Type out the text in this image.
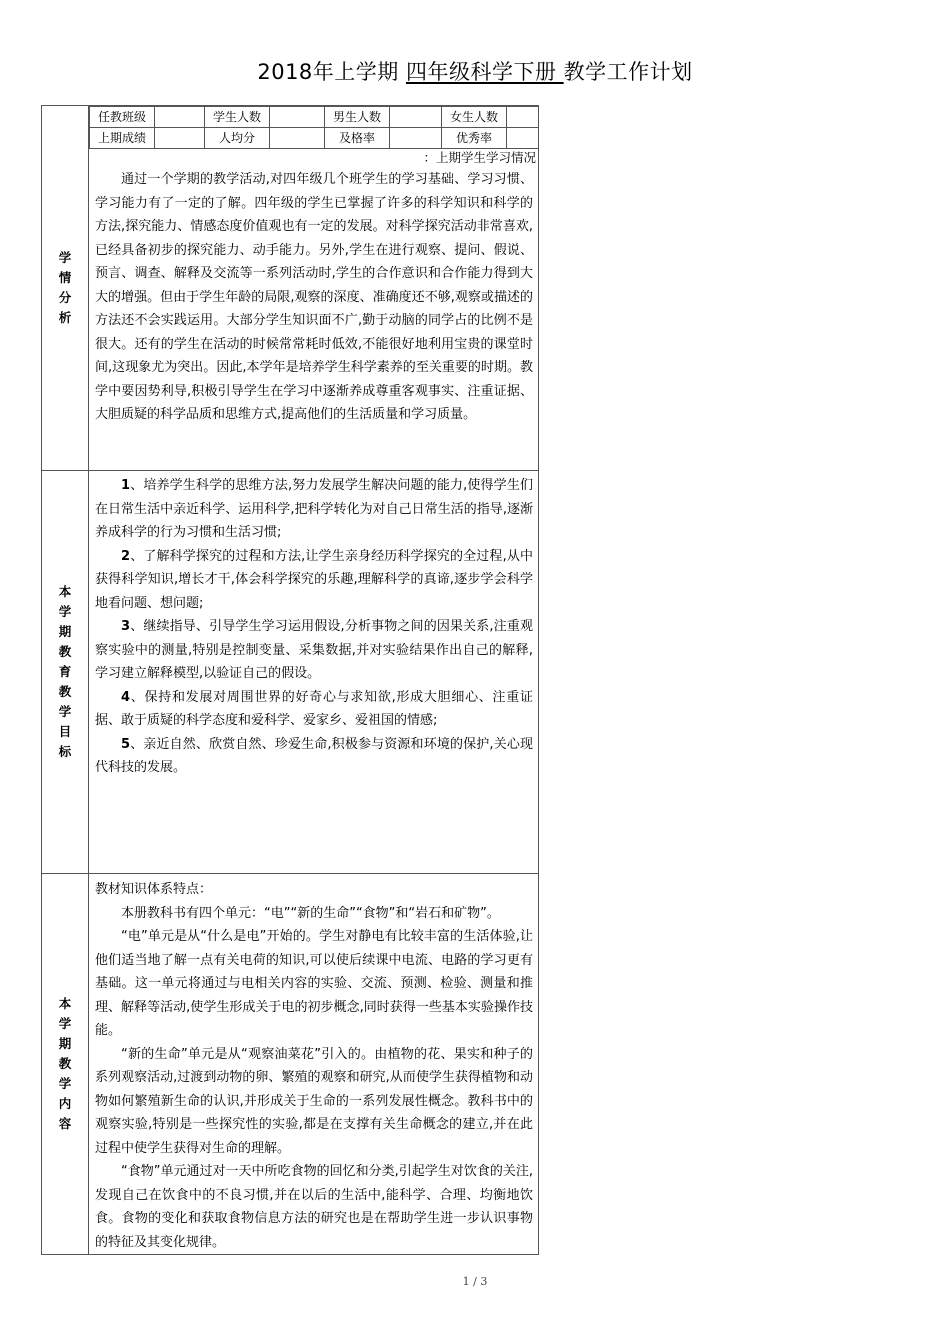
2018年上学期 四年级科学下册 教学工作计划
学
情
分
析

任教班级		学生人数		男生人数		女生人数	
上期成绩		人均分		及格率		优秀率	
：上期学生学习情况

通过一个学期的教学活动,对四年级几个班学生的学习基础、学习习惯、学习能力有了一定的了解。四年级的学生已掌握了许多的科学知识和科学的方法,探究能力、情感态度价值观也有一定的发展。对科学探究活动非常喜欢,已经具备初步的探究能力、动手能力。另外,学生在进行观察、提问、假说、预言、调查、解释及交流等一系列活动时,学生的合作意识和合作能力得到大大的增强。但由于学生年龄的局限,观察的深度、准确度还不够,观察或描述的方法还不会实践运用。大部分学生知识面不广,勤于动脑的同学占的比例不是很大。还有的学生在活动的时候常常耗时低效,不能很好地利用宝贵的课堂时间,这现象尤为突出。因此,本学年是培养学生科学素养的至关重要的时期。教学中要因势利导,积极引导学生在学习中逐渐养成尊重客观事实、注重证据、大胆质疑的科学品质和思维方式,提高他们的生活质量和学习质量。

本
学
期
教
育
教
学
目
标

1、培养学生科学的思维方法,努力发展学生解决问题的能力,使得学生们在日常生活中亲近科学、运用科学,把科学转化为对自己日常生活的指导,逐渐养成科学的行为习惯和生活习惯;

2、了解科学探究的过程和方法,让学生亲身经历科学探究的全过程,从中获得科学知识,增长才干,体会科学探究的乐趣,理解科学的真谛,逐步学会科学地看问题、想问题;

3、继续指导、引导学生学习运用假设,分析事物之间的因果关系,注重观察实验中的测量,特别是控制变量、采集数据,并对实验结果作出自己的解释,学习建立解释模型,以验证自己的假设。

4、保持和发展对周围世界的好奇心与求知欲,形成大胆细心、注重证据、敢于质疑的科学态度和爱科学、爱家乡、爱祖国的情感;

5、亲近自然、欣赏自然、珍爱生命,积极参与资源和环境的保护,关心现代科技的发展。

本
学
期
教
学
内
容

教材知识体系特点：

本册教科书有四个单元：“电”“新的生命”“食物”和“岩石和矿物”。

“电”单元是从“什么是电”开始的。学生对静电有比较丰富的生活体验,让他们适当地了解一点有关电荷的知识,可以使后续课中电流、电路的学习更有基础。这一单元将通过与电相关内容的实验、交流、预测、检验、测量和推理、解释等活动,使学生形成关于电的初步概念,同时获得一些基本实验操作技能。

“新的生命”单元是从“观察油菜花”引入的。由植物的花、果实和种子的系列观察活动,过渡到动物的卵、繁殖的观察和研究,从而使学生获得植物和动物如何繁殖新生命的认识,并形成关于生命的一系列发展性概念。教科书中的观察实验,特别是一些探究性的实验,都是在支撑有关生命概念的建立,并在此过程中使学生获得对生命的理解。

“食物”单元通过对一天中所吃食物的回忆和分类,引起学生对饮食的关注,发现自己在饮食中的不良习惯,并在以后的生活中,能科学、合理、均衡地饮食。食物的变化和获取食物信息方法的研究也是在帮助学生进一步认识事物的特征及其变化规律。

1 / 3
